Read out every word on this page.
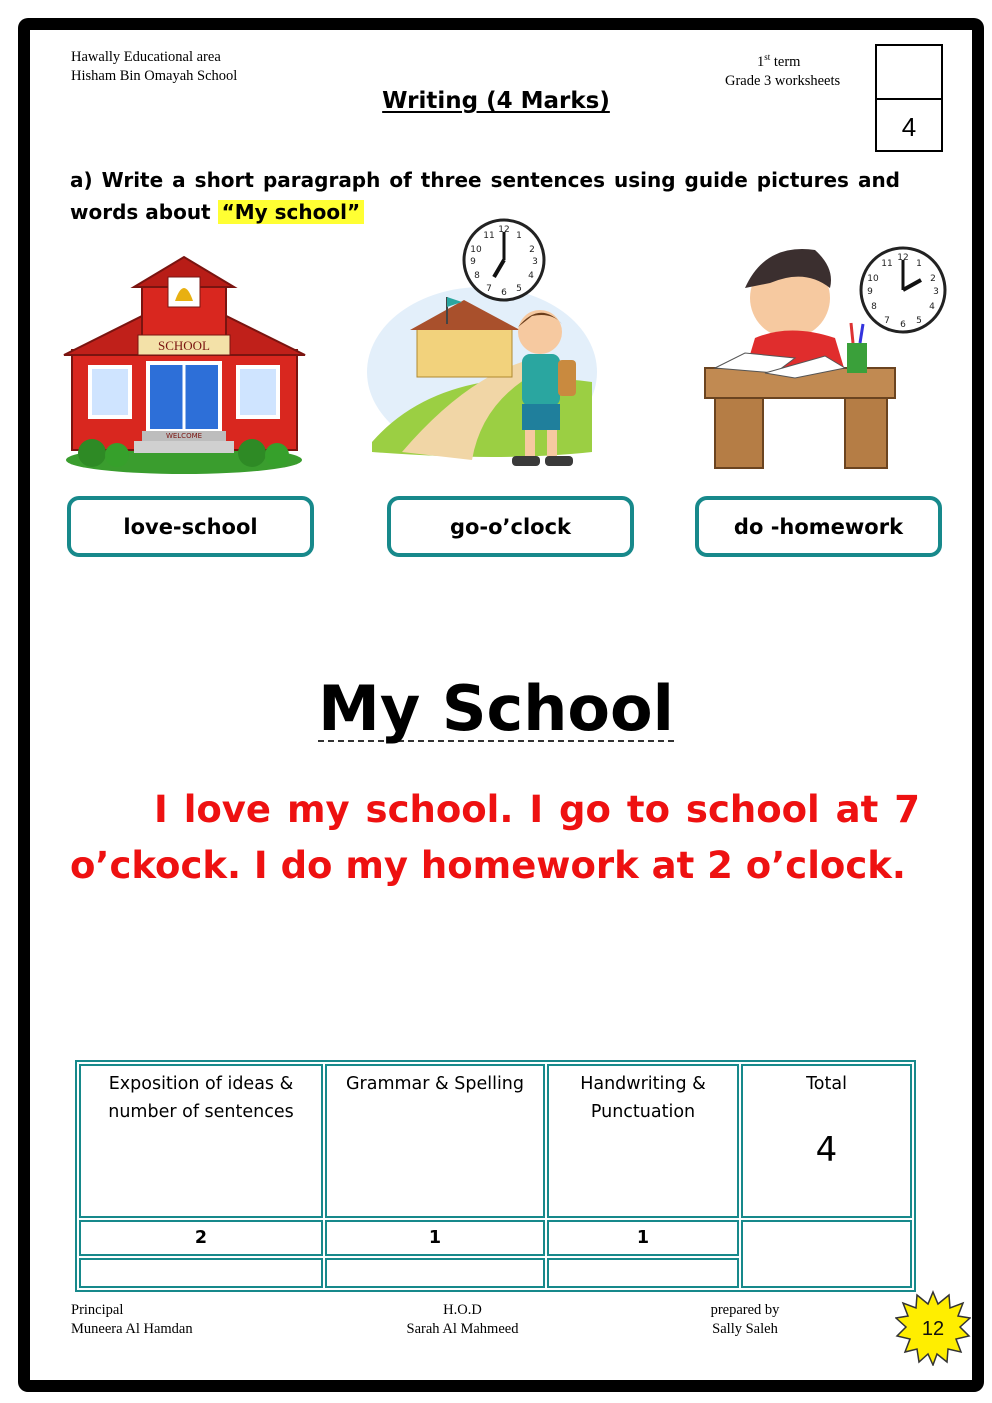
Hawally Educational area
Hisham Bin Omayah School
1st term
Grade 3 worksheets
4
Writing (4 Marks)
a) Write a short paragraph of three sentences using guide pictures and words about “My school”
SCHOOL
WELCOME
12
1
2
3
4
5
6
7
8
9
10
11
12
1
2
3
4
5
6
7
8
9
10
11
love-school	go-o’clock	do -homework
My School
I love my school. I go to school at 7 o’ckock. I do my homework at 2 o’clock.
Exposition of ideas & number of sentences	Grammar & Spelling	Handwriting & Punctuation	Total
4

2	1	1	

Principal
Muneera Al Hamdan
H.O.D
Sarah Al Mahmeed
prepared by
Sally Saleh	12
